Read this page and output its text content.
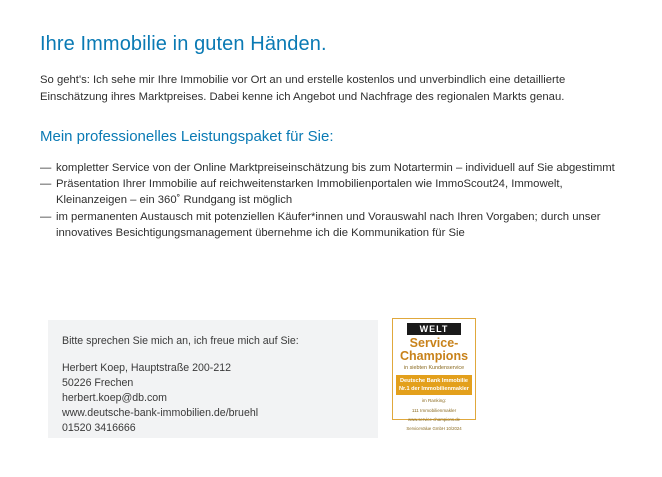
Ihre Immobilie in guten Händen.

So geht's: Ich sehe mir Ihre Immobilie vor Ort an und erstelle kostenlos und unverbindlich eine detaillierte Einschätzung ihres Marktpreises. Dabei kenne ich Angebot und Nachfrage des regionalen Markts genau.

Mein professionelles Leistungspaket für Sie:
— kompletter Service von der Online Marktpreiseinschätzung bis zum Notartermin – individuell auf Sie abgestimmt
— Präsentation Ihrer Immobilie auf reichweitenstarken Immobilienportalen wie ImmoScout24, Immowelt, Kleinanzeigen – ein 360˚ Rundgang ist möglich
— im permanenten Austausch mit potenziellen Käufer*innen und Vorauswahl nach Ihren Vorgaben; durch unser innovatives Besichtigungsmanagement übernehme ich die Kommunikation für Sie

Bitte sprechen Sie mich an, ich freue mich auf Sie:

Herbert Koep, Hauptstraße 200-212

50226 Frechen

herbert.koep@db.com

www.deutsche-bank-immobilien.de/bruehl

01520 3416666

WELT
Service-
Champions
in siebten Kundenservice
Deutsche Bank Immobilie
Nr.1 der Immobilienmakler
im Ranking:
111 Immobilienmakler
www.service-champions.de
ServiceValue GmbH 10/2024
